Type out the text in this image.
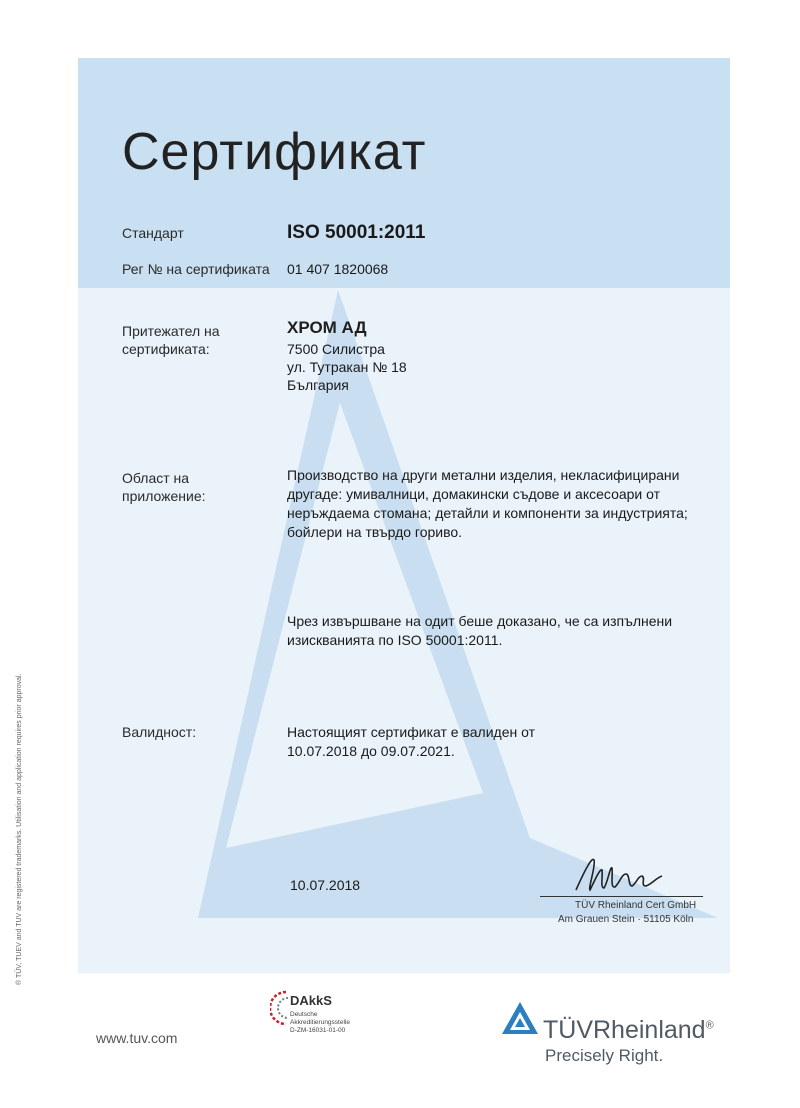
Сертификат
Стандарт	ISO 50001:2011
Рег № на сертификата 01 407 1820068
Притежател на
сертификата:
ХРОМ АД
7500 Силистра
ул. Тутракан № 18
България
Област на
приложение:
Производство на други метални изделия, некласифицирани
другаде: умивалници, домакински съдове и аксесоари от
неръждаема стомана; детайли и компоненти за индустрията;
бойлери на твърдо гориво.
Чрез извършване на одит беше доказано, че са изпълнени
изискванията по ISO 50001:2011.
Валидност:	Настоящият сертификат е валиден от
10.07.2018 до 09.07.2021.
10.07.2018
TÜV Rheinland Cert GmbH
Am Grauen Stein · 51105 Köln
® TÜV, TUEV and TUV are registered trademarks. Utilisation and application requires prior approval.
www.tuv.com
DAkkS
Deutsche
Akkreditierungsstelle
D-ZM-16031-01-00	TÜVRheinland®
Precisely Right.
